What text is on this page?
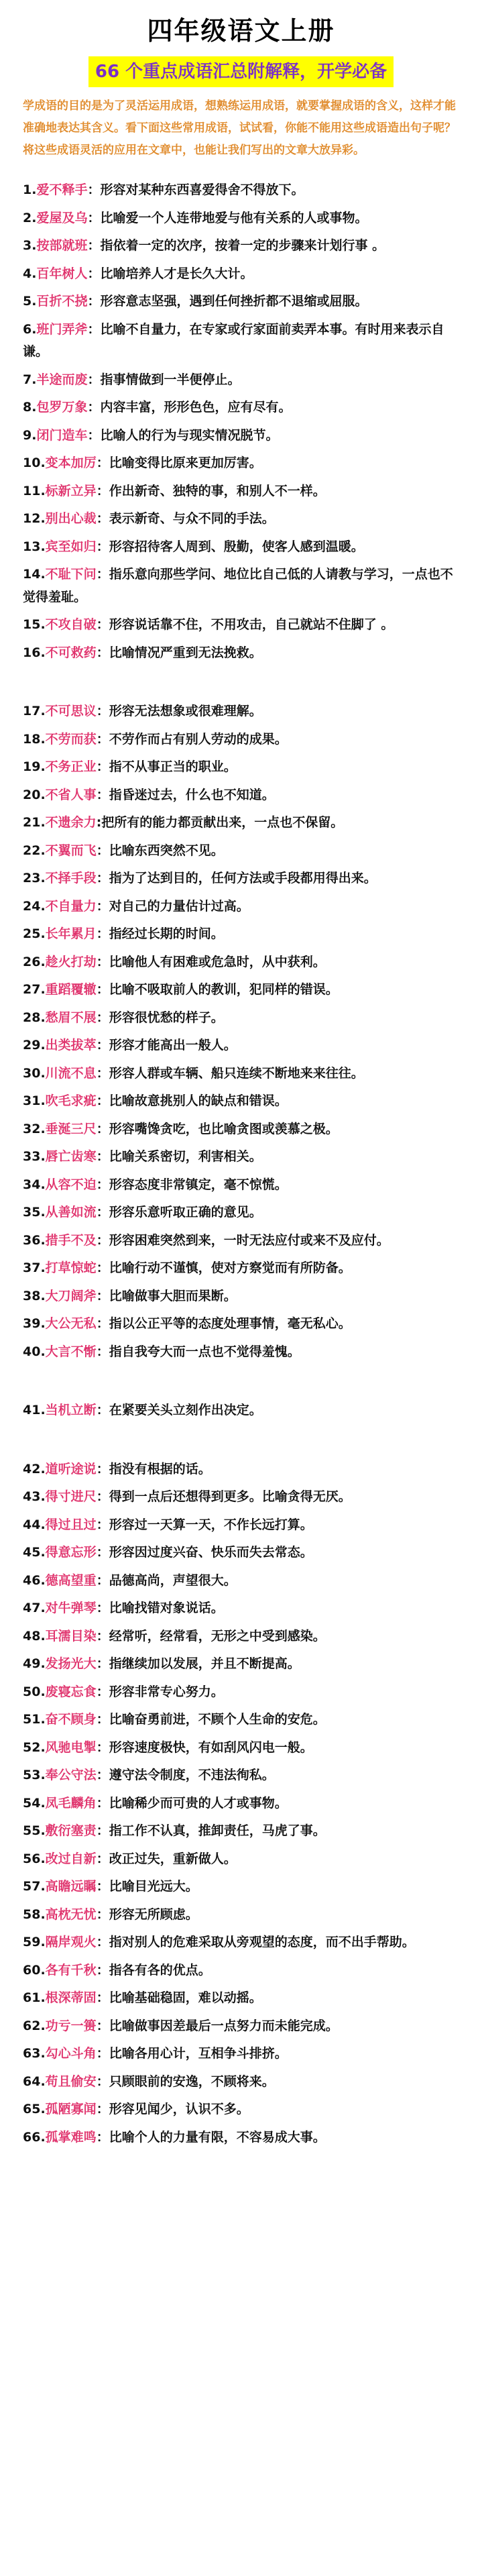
四年级语文上册
66 个重点成语汇总附解释，开学必备
学成语的目的是为了灵活运用成语，想熟练运用成语，就要掌握成语的含义，这样才能准确地表达其含义。看下面这些常用成语，试试看，你能不能用这些成语造出句子呢？将这些成语灵活的应用在文章中，也能让我们写出的文章大放异彩。
1.爱不释手：形容对某种东西喜爱得舍不得放下。
2.爱屋及乌：比喻爱一个人连带地爱与他有关系的人或事物。
3.按部就班：指依着一定的次序，按着一定的步骤来计划行事 。
4.百年树人：比喻培养人才是长久大计。
5.百折不挠：形容意志坚强，遇到任何挫折都不退缩或屈服。
6.班门弄斧：比喻不自量力，在专家或行家面前卖弄本事。有时用来表示自谦。
7.半途而废：指事情做到一半便停止。
8.包罗万象：内容丰富，形形色色，应有尽有。
9.闭门造车：比喻人的行为与现实情况脱节。
10.变本加厉：比喻变得比原来更加厉害。
11.标新立异：作出新奇、独特的事，和别人不一样。
12.别出心裁：表示新奇、与众不同的手法。
13.宾至如归：形容招待客人周到、殷勤，使客人感到温暖。
14.不耻下问：指乐意向那些学问、地位比自己低的人请教与学习，一点也不觉得羞耻。
15.不攻自破：形容说话靠不住，不用攻击，自己就站不住脚了 。
16.不可救药：比喻情况严重到无法挽救。
17.不可思议：形容无法想象或很难理解。
18.不劳而获：不劳作而占有别人劳动的成果。
19.不务正业：指不从事正当的职业。
20.不省人事：指昏迷过去，什么也不知道。
21.不遗余力:把所有的能力都贡献出来，一点也不保留。
22.不翼而飞：比喻东西突然不见。
23.不择手段：指为了达到目的，任何方法或手段都用得出来。
24.不自量力：对自己的力量估计过高。
25.长年累月：指经过长期的时间。
26.趁火打劫：比喻他人有困难或危急时，从中获利。
27.重蹈覆辙：比喻不吸取前人的教训，犯同样的错误。
28.愁眉不展：形容很忧愁的样子。
29.出类拔萃：形容才能高出一般人。
30.川流不息：形容人群或车辆、船只连续不断地来来往往。
31.吹毛求疵：比喻故意挑别人的缺点和错误。
32.垂涎三尺：形容嘴馋贪吃，也比喻贪图或羡慕之极。
33.唇亡齿寒：比喻关系密切，利害相关。
34.从容不迫：形容态度非常镇定，毫不惊慌。
35.从善如流：形容乐意听取正确的意见。
36.措手不及：形容困难突然到来，一时无法应付或来不及应付。
37.打草惊蛇：比喻行动不谨慎，使对方察觉而有所防备。
38.大刀阔斧：比喻做事大胆而果断。
39.大公无私：指以公正平等的态度处理事情，毫无私心。
40.大言不惭：指自我夸大而一点也不觉得羞愧。
41.当机立断：在紧要关头立刻作出决定。
42.道听途说：指没有根据的话。
43.得寸进尺：得到一点后还想得到更多。比喻贪得无厌。
44.得过且过：形容过一天算一天，不作长远打算。
45.得意忘形：形容因过度兴奋、快乐而失去常态。
46.德高望重：品德高尚，声望很大。
47.对牛弹琴：比喻找错对象说话。
48.耳濡目染：经常听，经常看，无形之中受到感染。
49.发扬光大：指继续加以发展，并且不断提高。
50.废寝忘食：形容非常专心努力。
51.奋不顾身：比喻奋勇前进，不顾个人生命的安危。
52.风驰电掣：形容速度极快，有如刮风闪电一般。
53.奉公守法：遵守法令制度，不违法徇私。
54.凤毛麟角：比喻稀少而可贵的人才或事物。
55.敷衍塞责：指工作不认真，推卸责任，马虎了事。
56.改过自新：改正过失，重新做人。
57.高瞻远瞩：比喻目光远大。
58.高枕无忧：形容无所顾虑。
59.隔岸观火：指对别人的危难采取从旁观望的态度，而不出手帮助。
60.各有千秋：指各有各的优点。
61.根深蒂固：比喻基础稳固，难以动摇。
62.功亏一篑：比喻做事因差最后一点努力而未能完成。
63.勾心斗角：比喻各用心计，互相争斗排挤。
64.苟且偷安：只顾眼前的安逸，不顾将来。
65.孤陋寡闻：形容见闻少，认识不多。
66.孤掌难鸣：比喻个人的力量有限，不容易成大事。
